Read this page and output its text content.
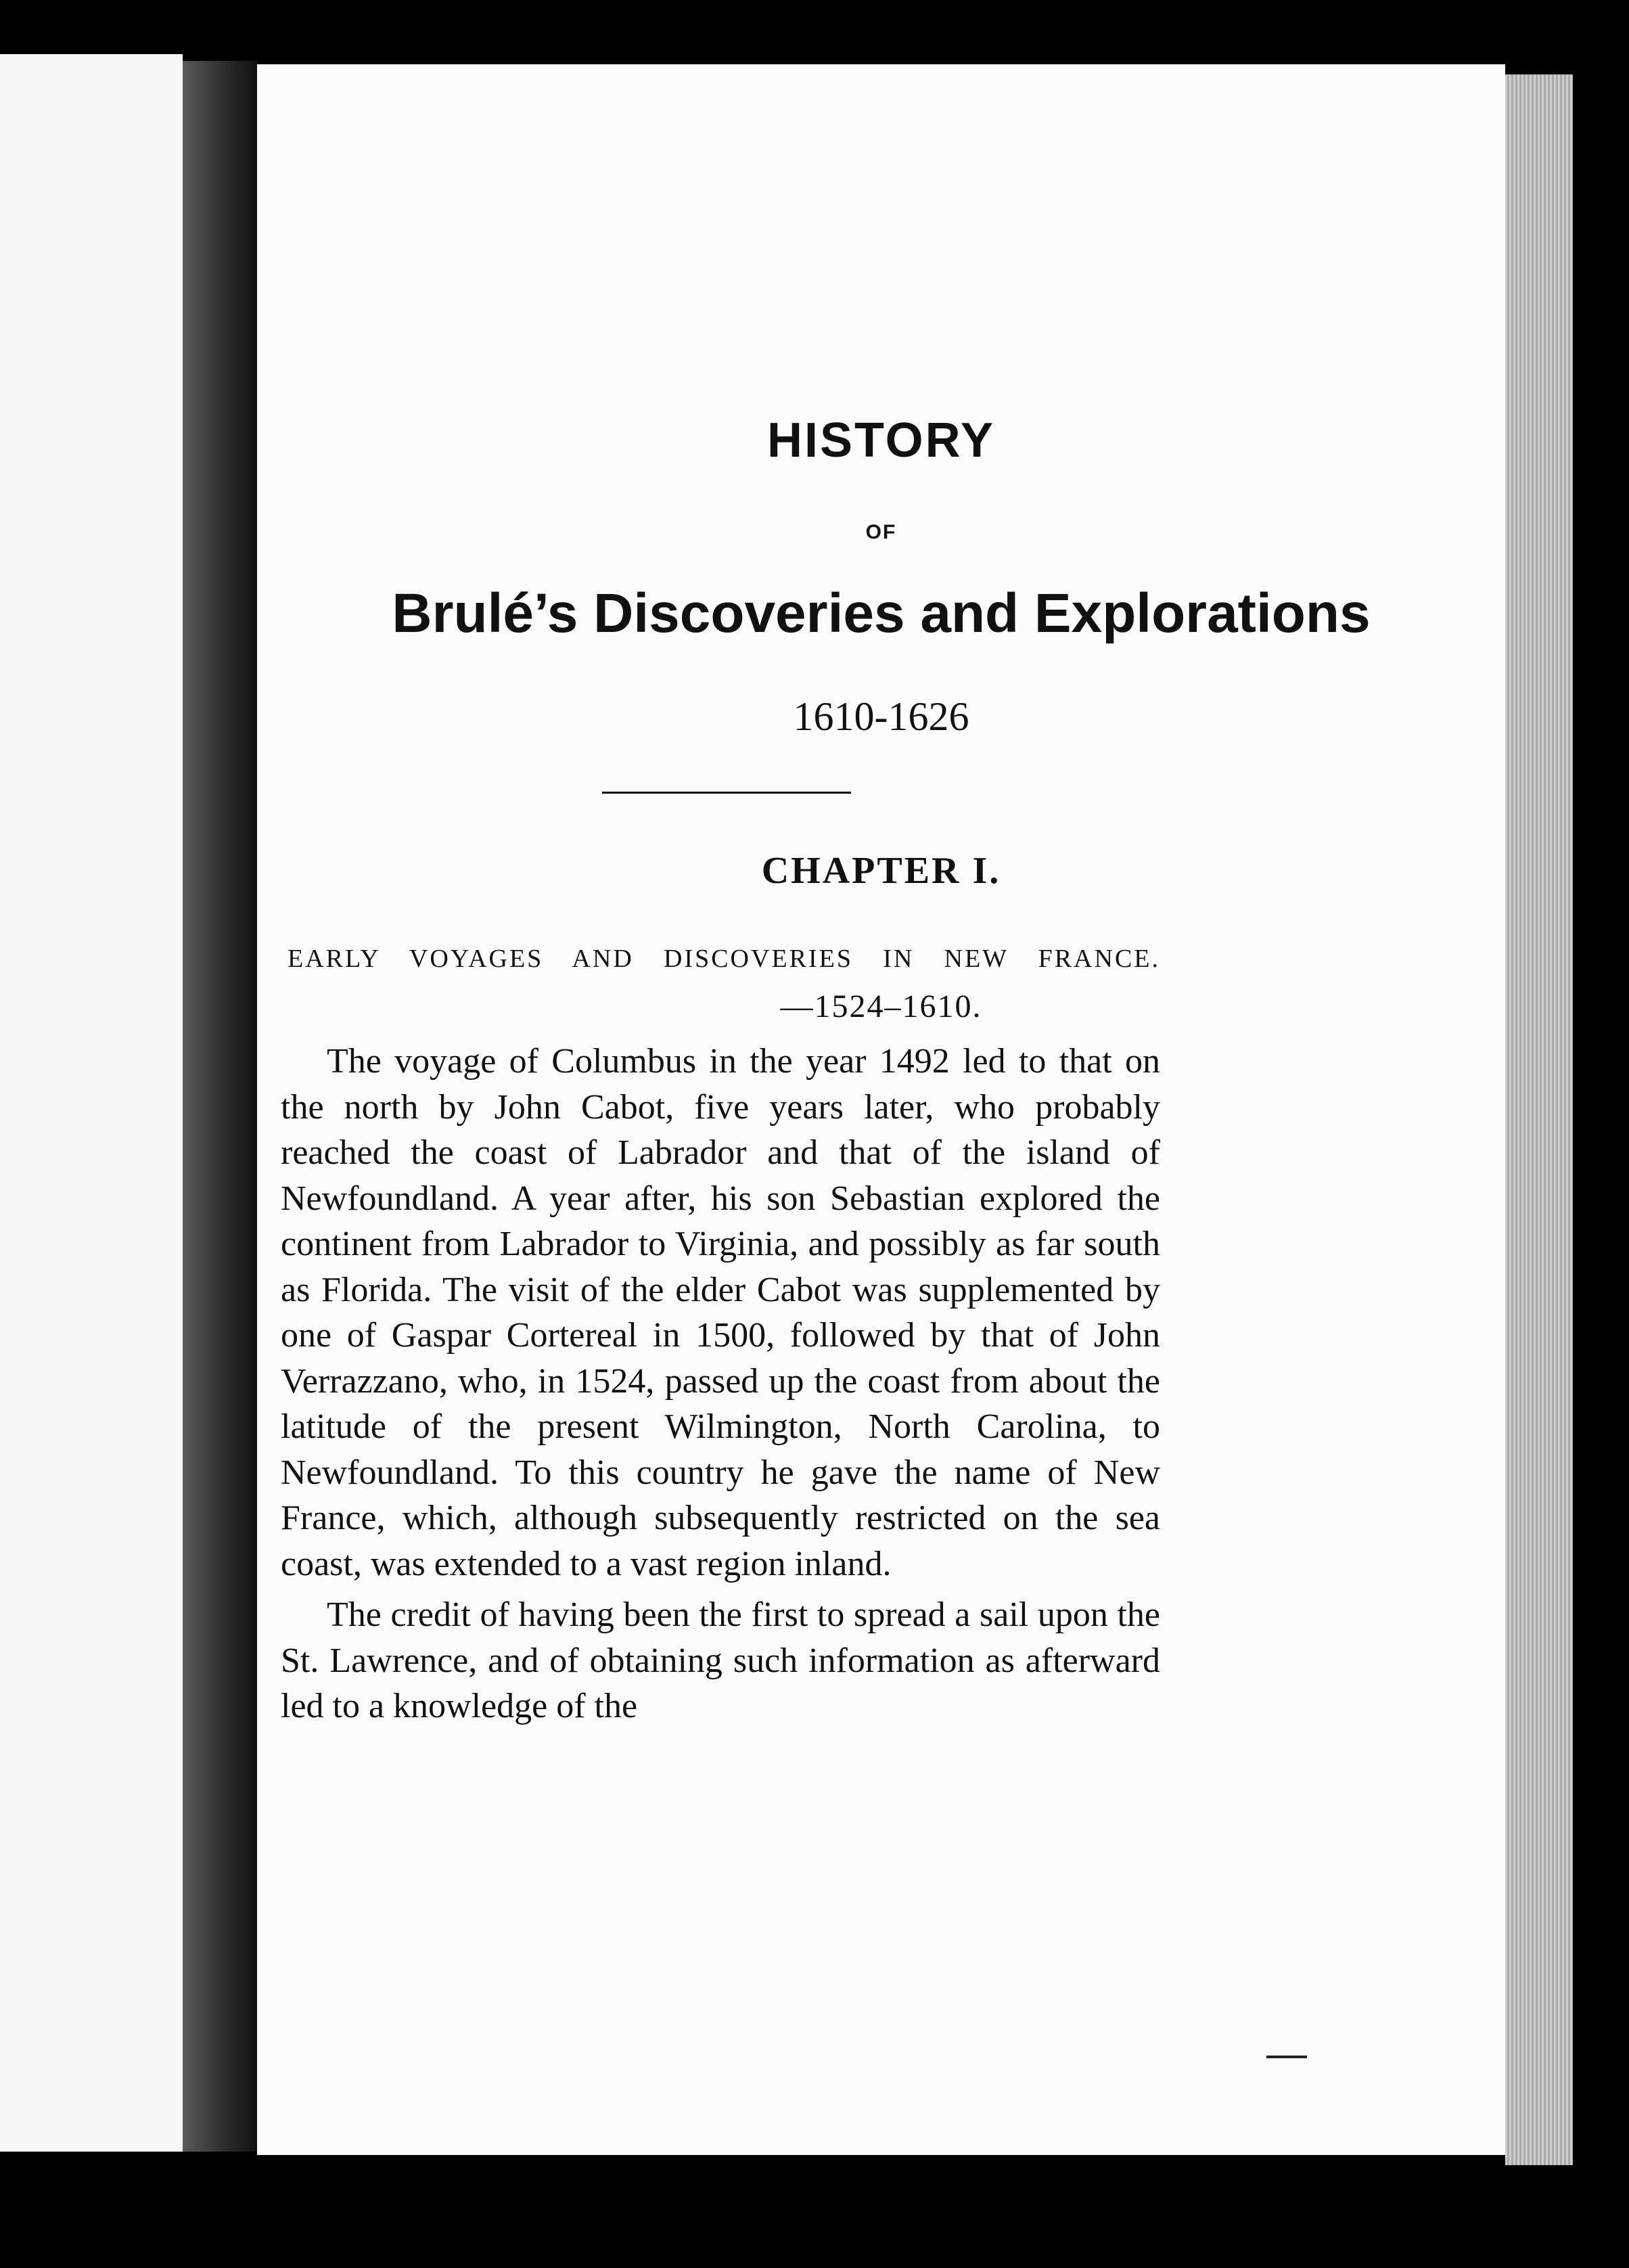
HISTORY
OF
Brulé’s Discoveries and Explorations
1610-1626
CHAPTER I.
EARLY VOYAGES AND DISCOVERIES IN NEW FRANCE.
—1524–1610.

The voyage of Columbus in the year 1492 led to that on the north by John Cabot, five years later, who probably reached the coast of Labrador and that of the island of Newfoundland. A year after, his son Sebastian explored the continent from Labrador to Virginia, and possibly as far south as Florida. The visit of the elder Cabot was supplemented by one of Gaspar Cortereal in 1500, followed by that of John Verrazzano, who, in 1524, passed up the coast from about the latitude of the present Wilmington, North Carolina, to Newfoundland. To this country he gave the name of New France, which, although subsequently restricted on the sea coast, was extended to a vast region inland.

The credit of having been the first to spread a sail upon the St. Lawrence, and of obtaining such information as afterward led to a knowledge of the
